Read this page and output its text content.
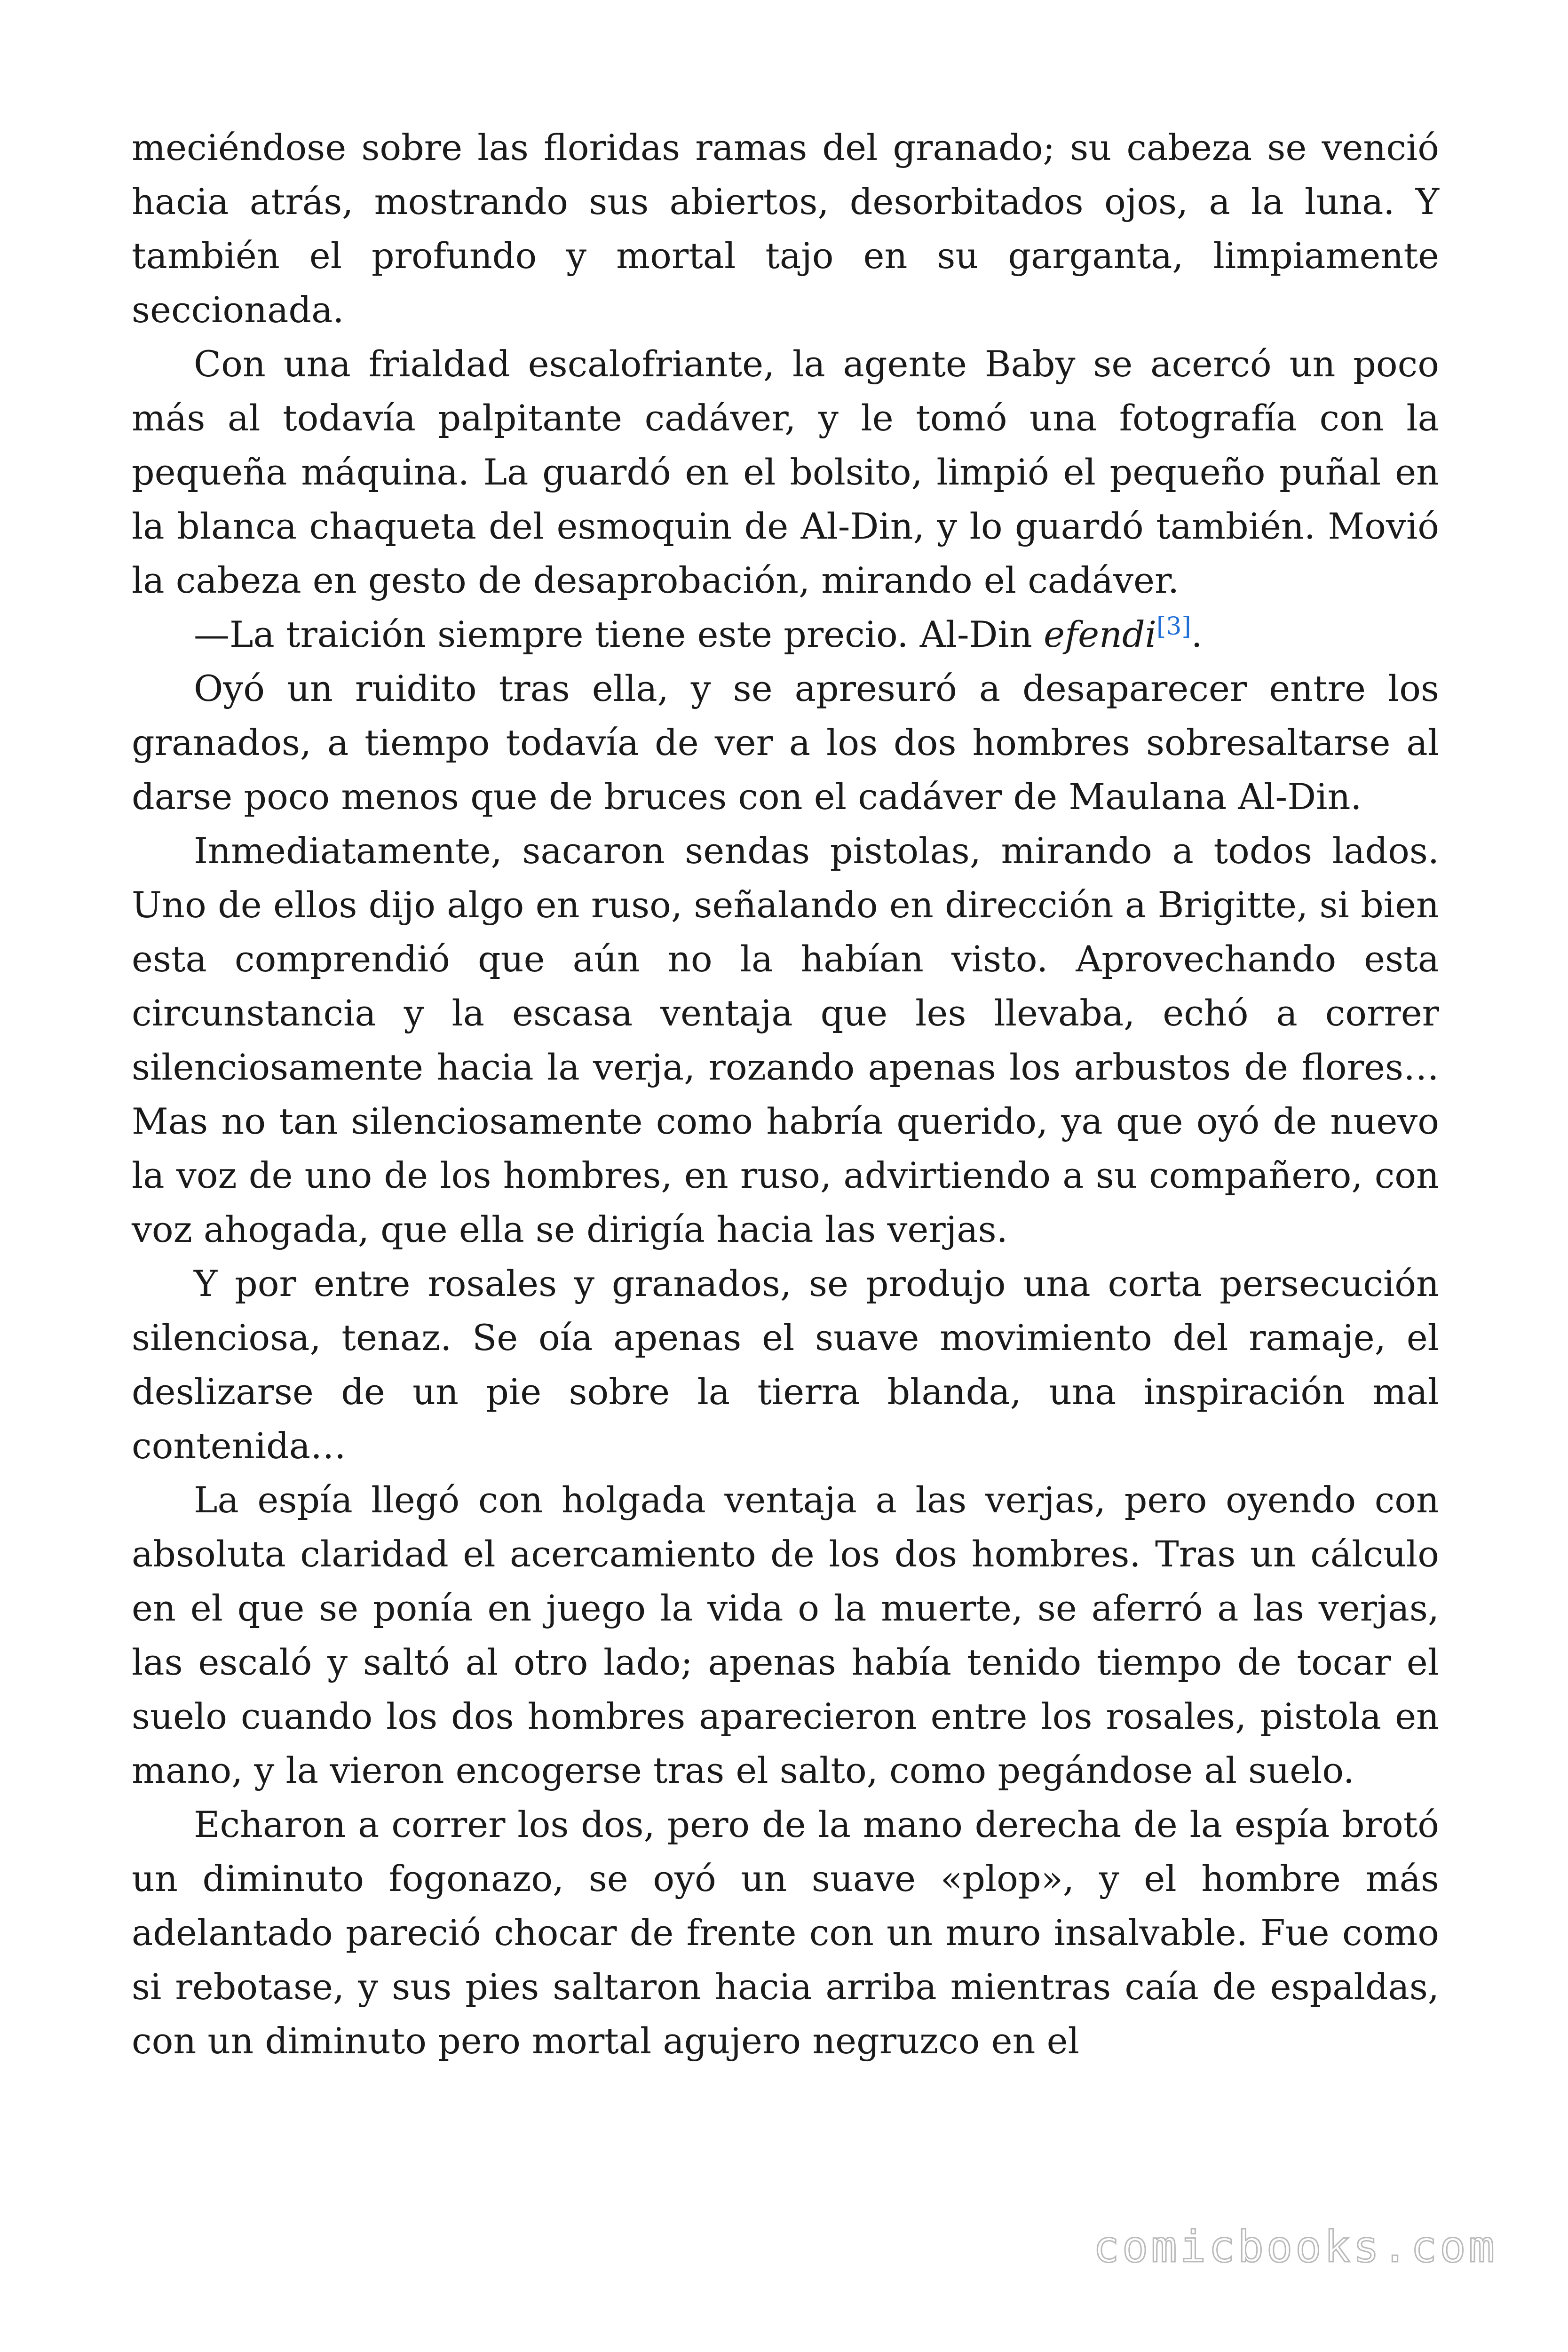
meciéndose sobre las floridas ramas del granado; su cabeza se venció hacia atrás, mostrando sus abiertos, desorbitados ojos, a la luna. Y también el profundo y mortal tajo en su garganta, limpiamente seccionada.

Con una frialdad escalofriante, la agente Baby se acercó un poco más al todavía palpitante cadáver, y le tomó una fotografía con la pequeña máquina. La guardó en el bolsito, limpió el pequeño puñal en la blanca chaqueta del esmoquin de Al-Din, y lo guardó también. Movió la cabeza en gesto de desaprobación, mirando el cadáver.

—La traición siempre tiene este precio. Al-Din efendi[3].

Oyó un ruidito tras ella, y se apresuró a desaparecer entre los granados, a tiempo todavía de ver a los dos hombres sobresaltarse al darse poco menos que de bruces con el cadáver de Maulana Al-Din.

Inmediatamente, sacaron sendas pistolas, mirando a todos lados. Uno de ellos dijo algo en ruso, señalando en dirección a Brigitte, si bien esta comprendió que aún no la habían visto. Aprovechando esta circunstancia y la escasa ventaja que les llevaba, echó a correr silenciosamente hacia la verja, rozando apenas los arbustos de flores… Mas no tan silenciosamente como habría querido, ya que oyó de nuevo la voz de uno de los hombres, en ruso, advirtiendo a su compañero, con voz ahogada, que ella se dirigía hacia las verjas.

Y por entre rosales y granados, se produjo una corta persecución silenciosa, tenaz. Se oía apenas el suave movimiento del ramaje, el deslizarse de un pie sobre la tierra blanda, una inspiración mal contenida…

La espía llegó con holgada ventaja a las verjas, pero oyendo con absoluta claridad el acercamiento de los dos hombres. Tras un cálculo en el que se ponía en juego la vida o la muerte, se aferró a las verjas, las escaló y saltó al otro lado; apenas había tenido tiempo de tocar el suelo cuando los dos hombres aparecieron entre los rosales, pistola en mano, y la vieron encogerse tras el salto, como pegándose al suelo.

Echaron a correr los dos, pero de la mano derecha de la espía brotó un diminuto fogonazo, se oyó un suave «plop», y el hombre más adelantado pareció chocar de frente con un muro insalvable. Fue como si rebotase, y sus pies saltaron hacia arriba mientras caía de espaldas, con un diminuto pero mortal agujero negruzco en el

comicbooks.com
